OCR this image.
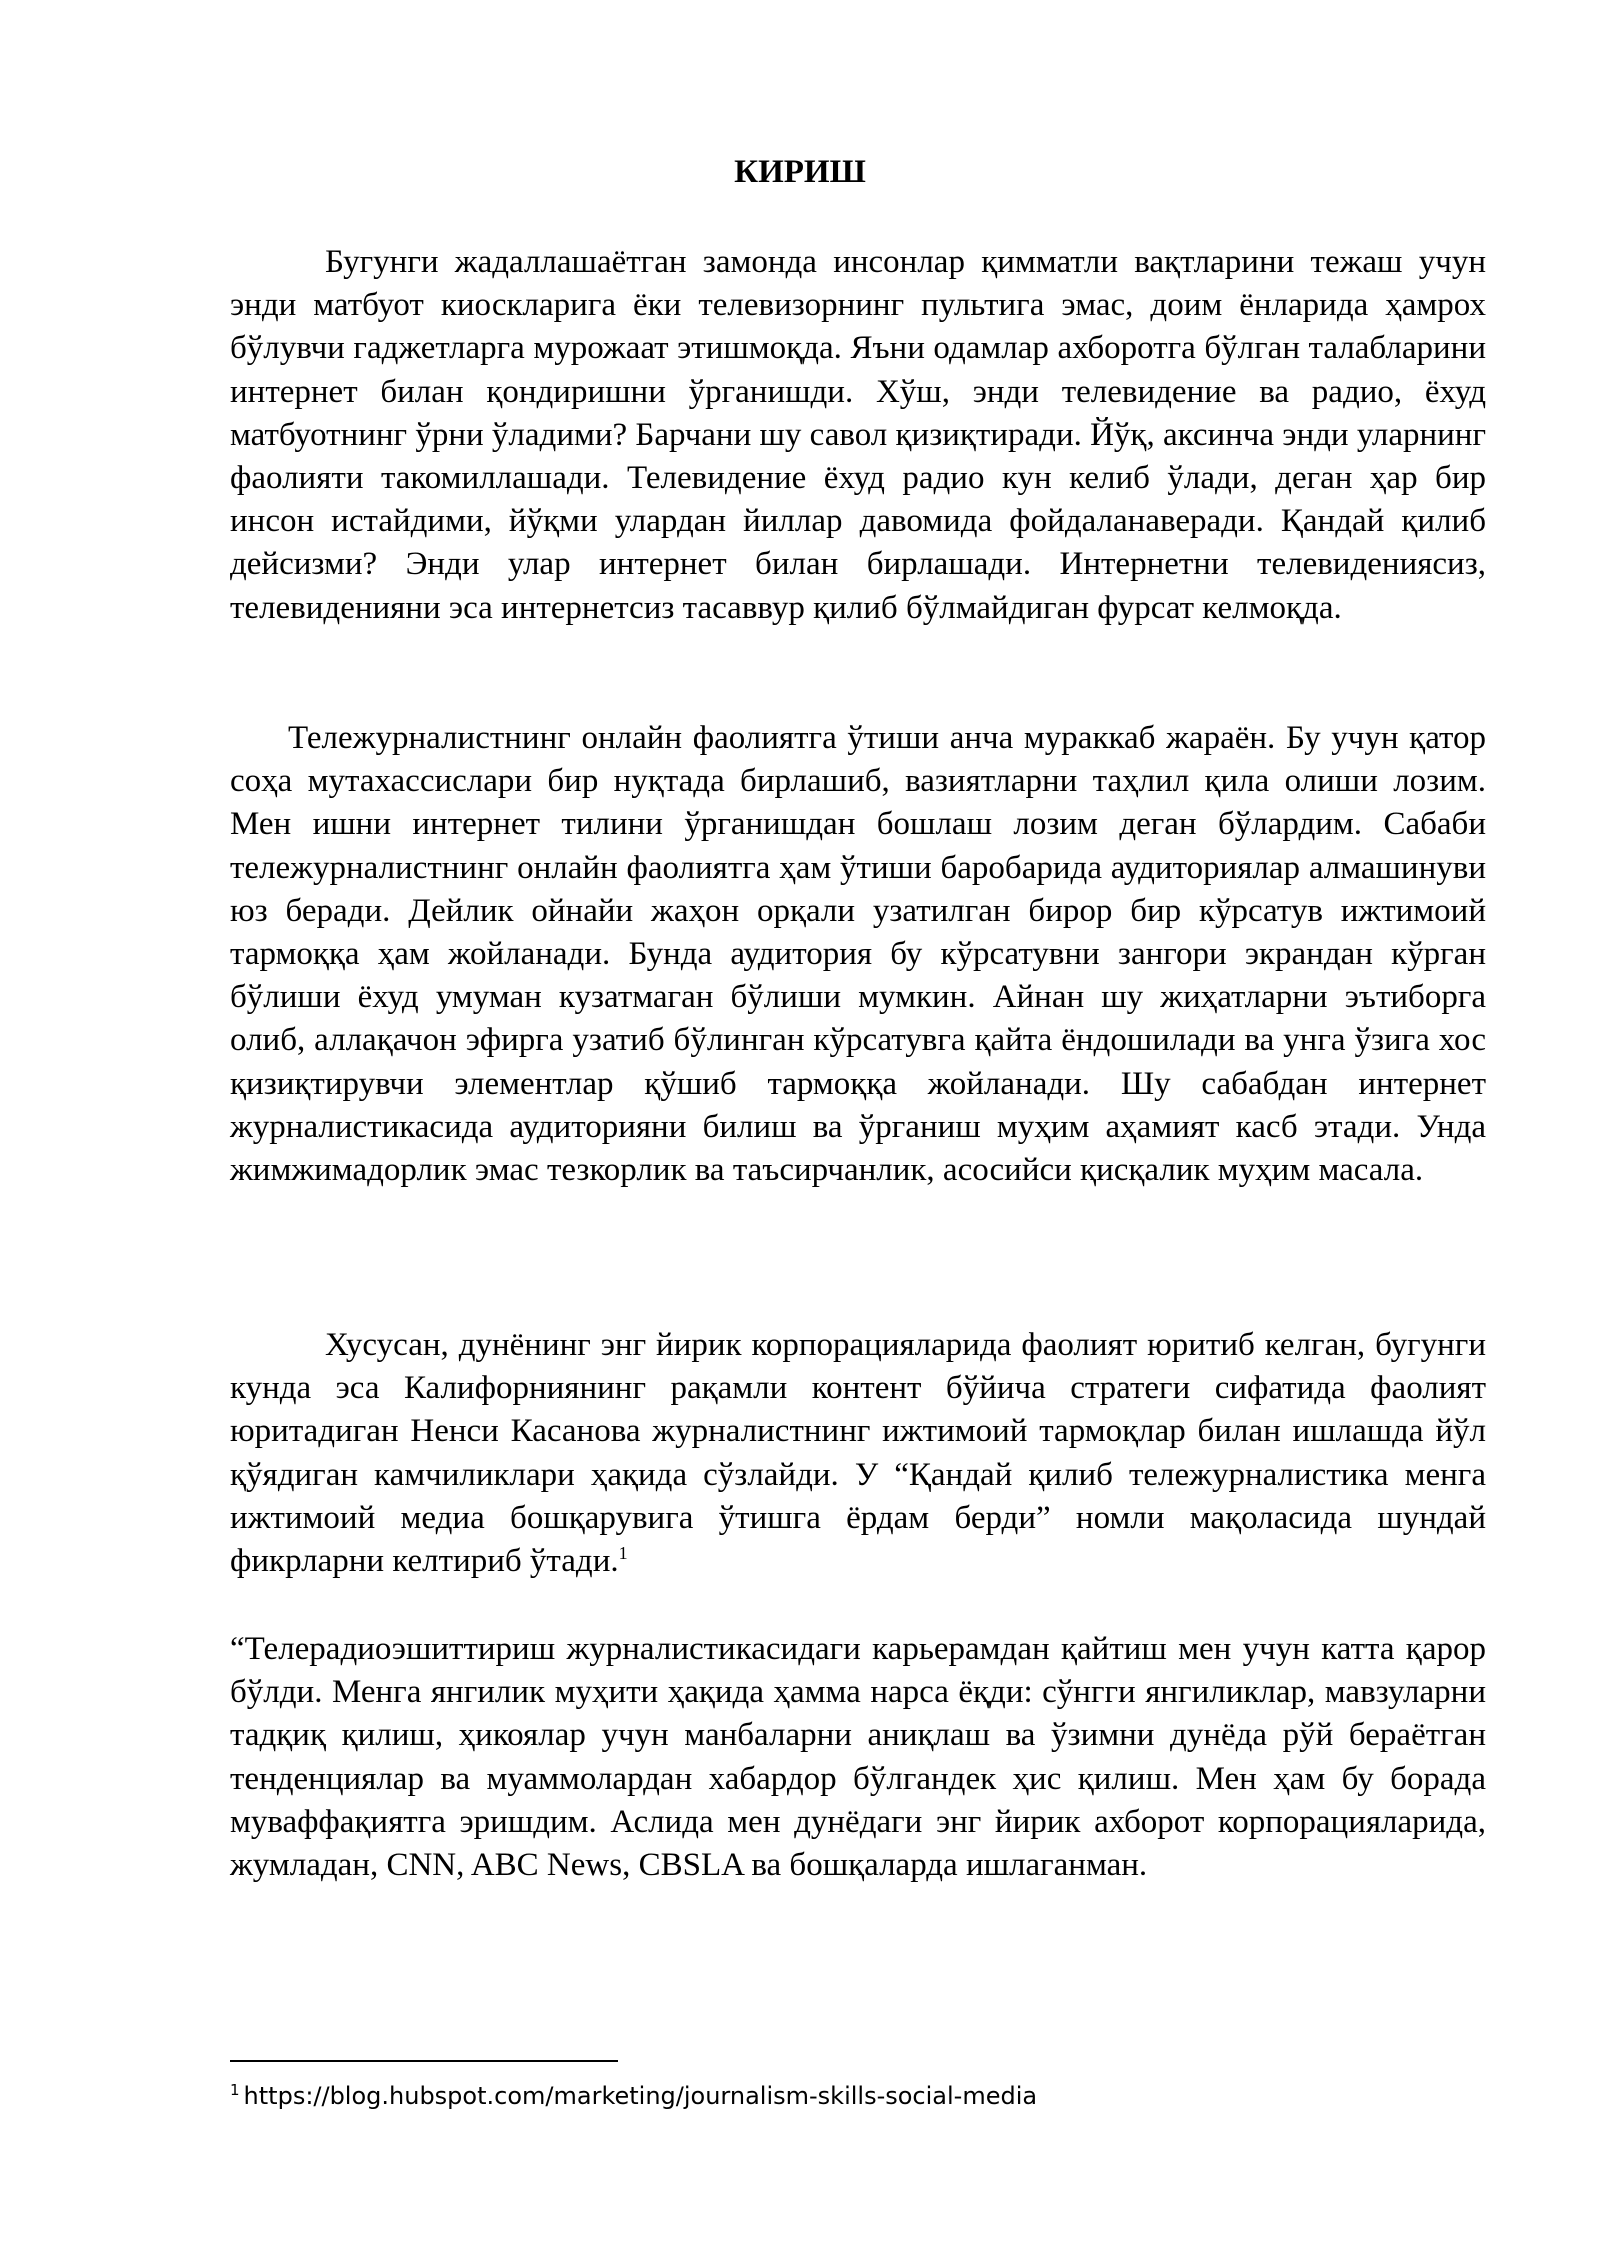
КИРИШ

Бугунги жадаллашаётган замонда инсонлар қимматли вақтларини тежаш учун энди матбуот киоскларига ёки телевизорнинг пультига эмас, доим ёнларида ҳамрох бўлувчи гаджетларга мурожаат этишмоқда. Яъни одамлар ахборотга бўлган талабларини интернет билан қондиришни ўрганишди. Хўш, энди телевидение ва радио, ёхуд матбуотнинг ўрни ўладими? Барчани шу савол қизиқтиради. Йўқ, аксинча энди уларнинг фаолияти такомиллашади. Телевидение ёхуд радио кун келиб ўлади, деган ҳар бир инсон истайдими, йўқми улардан йиллар давомида фойдаланаверади. Қандай қилиб дейсизми? Энди улар интернет билан бирлашади. Интернетни телевидениясиз, телевиденияни эса интернетсиз тасаввур қилиб бўлмайдиган фурсат келмоқда.

Тележурналистнинг онлайн фаолиятга ўтиши анча мураккаб жараён. Бу учун қатор соҳа мутахассислари бир нуқтада бирлашиб, вазиятларни таҳлил қила олиши лозим. Мен ишни интернет тилини ўрганишдан бошлаш лозим деган бўлардим. Сабаби тележурналистнинг онлайн фаолиятга ҳам ўтиши баробарида аудиториялар алмашинуви юз беради. Дейлик ойнайи жаҳон орқали узатилган бирор бир кўрсатув ижтимоий тармоққа ҳам жойланади. Бунда аудитория бу кўрсатувни зангори экрандан кўрган бўлиши ёхуд умуман кузатмаган бўлиши мумкин. Айнан шу жиҳатларни эътиборга олиб, аллақачон эфирга узатиб бўлинган кўрсатувга қайта ёндошилади ва унга ўзига хос қизиқтирувчи элементлар қўшиб тармоққа жойланади. Шу сабабдан интернет журналистикасида аудиторияни билиш ва ўрганиш муҳим аҳамият касб этади. Унда жимжимадорлик эмас тезкорлик ва таъсирчанлик, асосийси қисқалик муҳим масала.

Хусусан, дунёнинг энг йирик корпорацияларида фаолият юритиб келган, бугунги кунда эса Калифорниянинг рақамли контент бўйича стратеги сифатида фаолият юритадиган Ненси Касанова журналистнинг ижтимоий тармоқлар билан ишлашда йўл қўядиган камчиликлари ҳақида сўзлайди. У “Қандай қилиб тележурналистика менга ижтимоий медиа бошқарувига ўтишга ёрдам берди” номли мақоласида шундай фикрларни келтириб ўтади.$^1$

“Телерадиоэшиттириш журналистикасидаги карьерамдан қайтиш мен учун катта қарор бўлди. Менга янгилик муҳити ҳақида ҳамма нарса ёқди: сўнгги янгиликлар, мавзуларни тадқиқ қилиш, ҳикоялар учун манбаларни аниқлаш ва ўзимни дунёда рўй бераётган тенденциялар ва муаммолардан хабардор бўлгандек ҳис қилиш. Мен ҳам бу борада муваффақиятга эришдим. Аслида мен дунёдаги энг йирик ахборот корпорацияларида, жумладан, CNN, ABC News, CBSLA ва бошқаларда ишлаганман.

$^1$ https://blog.hubspot.com/marketing/journalism-skills-social-media
